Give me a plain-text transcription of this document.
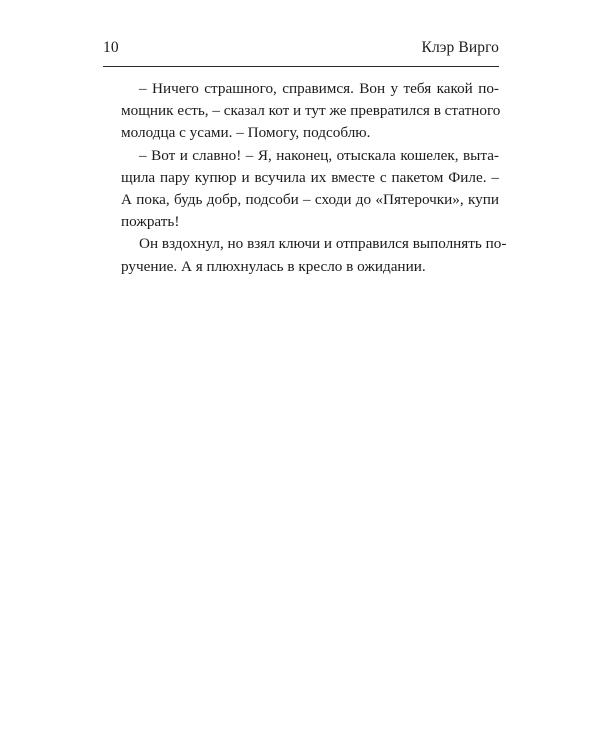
10	Клэр Вирго

– Ничего страшного, справимся. Вон у тебя какой по-
мощник есть, – сказал кот и тут же превратился в статного
молодца с усами. – Помогу, подсоблю.

– Вот и славно! – Я, наконец, отыскала кошелек, выта-
щила пару купюр и всучила их вместе с пакетом Филе. –
А пока, будь добр, подсоби – сходи до «Пятерочки», купи
пожрать!

Он вздохнул, но взял ключи и отправился выполнять по-
ручение. А я плюхнулась в кресло в ожидании.
